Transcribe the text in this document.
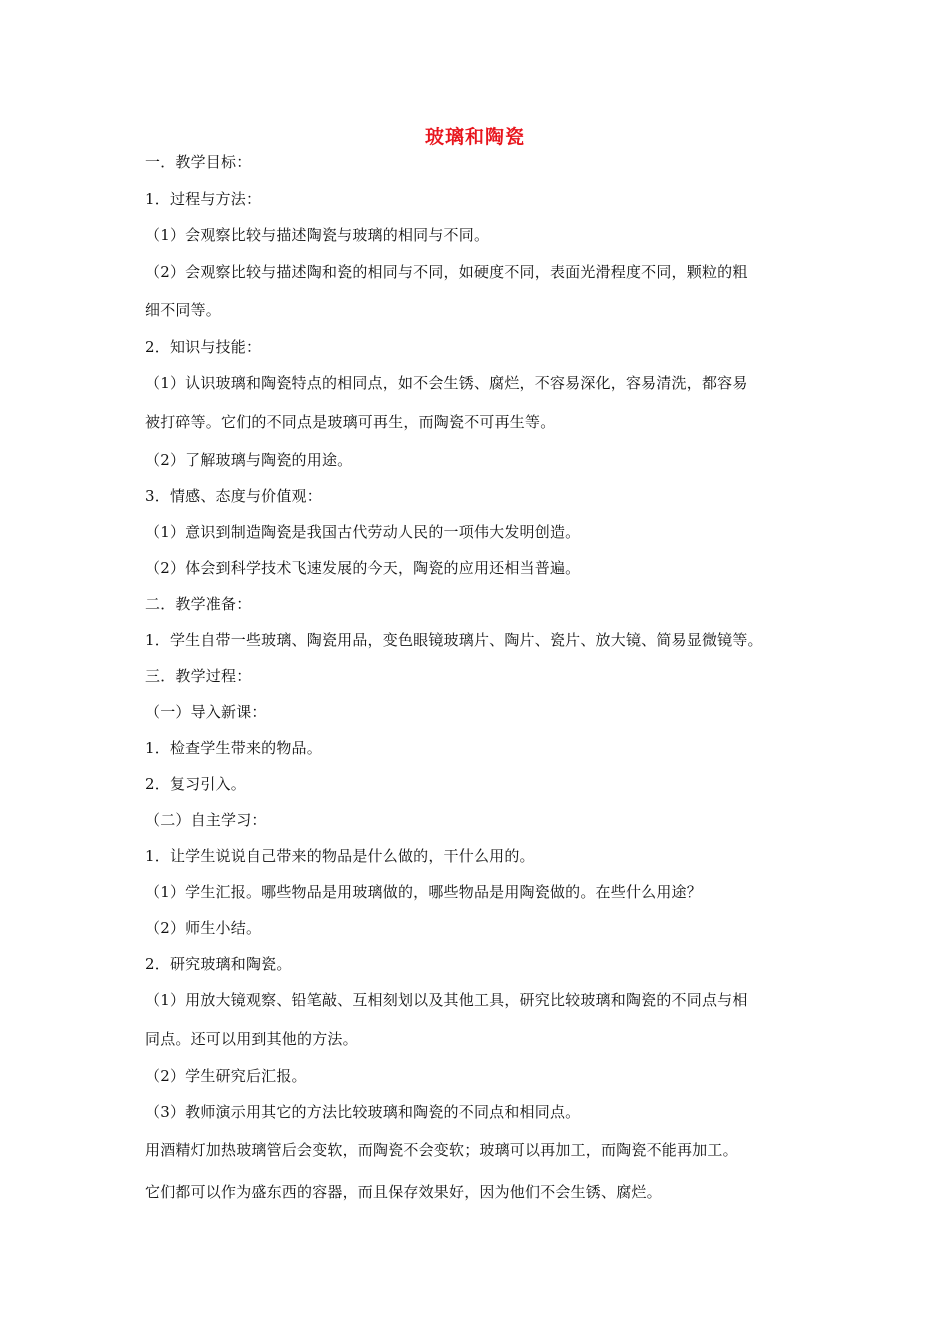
玻璃和陶瓷
一．教学目标：
1．过程与方法：
（1）会观察比较与描述陶瓷与玻璃的相同与不同。
（2）会观察比较与描述陶和瓷的相同与不同，如硬度不同，表面光滑程度不同，颗粒的粗
细不同等。
2．知识与技能：
（1）认识玻璃和陶瓷特点的相同点，如不会生锈、腐烂，不容易深化，容易清洗，都容易
被打碎等。它们的不同点是玻璃可再生，而陶瓷不可再生等。
（2）了解玻璃与陶瓷的用途。
3．情感、态度与价值观：
（1）意识到制造陶瓷是我国古代劳动人民的一项伟大发明创造。
（2）体会到科学技术飞速发展的今天，陶瓷的应用还相当普遍。
二．教学准备：
1．学生自带一些玻璃、陶瓷用品，变色眼镜玻璃片、陶片、瓷片、放大镜、简易显微镜等。
三．教学过程：
（一）导入新课：
1．检查学生带来的物品。
2．复习引入。
（二）自主学习：
1．让学生说说自己带来的物品是什么做的，干什么用的。
（1）学生汇报。哪些物品是用玻璃做的，哪些物品是用陶瓷做的。在些什么用途？
（2）师生小结。
2．研究玻璃和陶瓷。
（1）用放大镜观察、铅笔敲、互相刻划以及其他工具，研究比较玻璃和陶瓷的不同点与相
同点。还可以用到其他的方法。
（2）学生研究后汇报。
（3）教师演示用其它的方法比较玻璃和陶瓷的不同点和相同点。
用酒精灯加热玻璃管后会变软，而陶瓷不会变软；玻璃可以再加工，而陶瓷不能再加工。
它们都可以作为盛东西的容器，而且保存效果好，因为他们不会生锈、腐烂。
